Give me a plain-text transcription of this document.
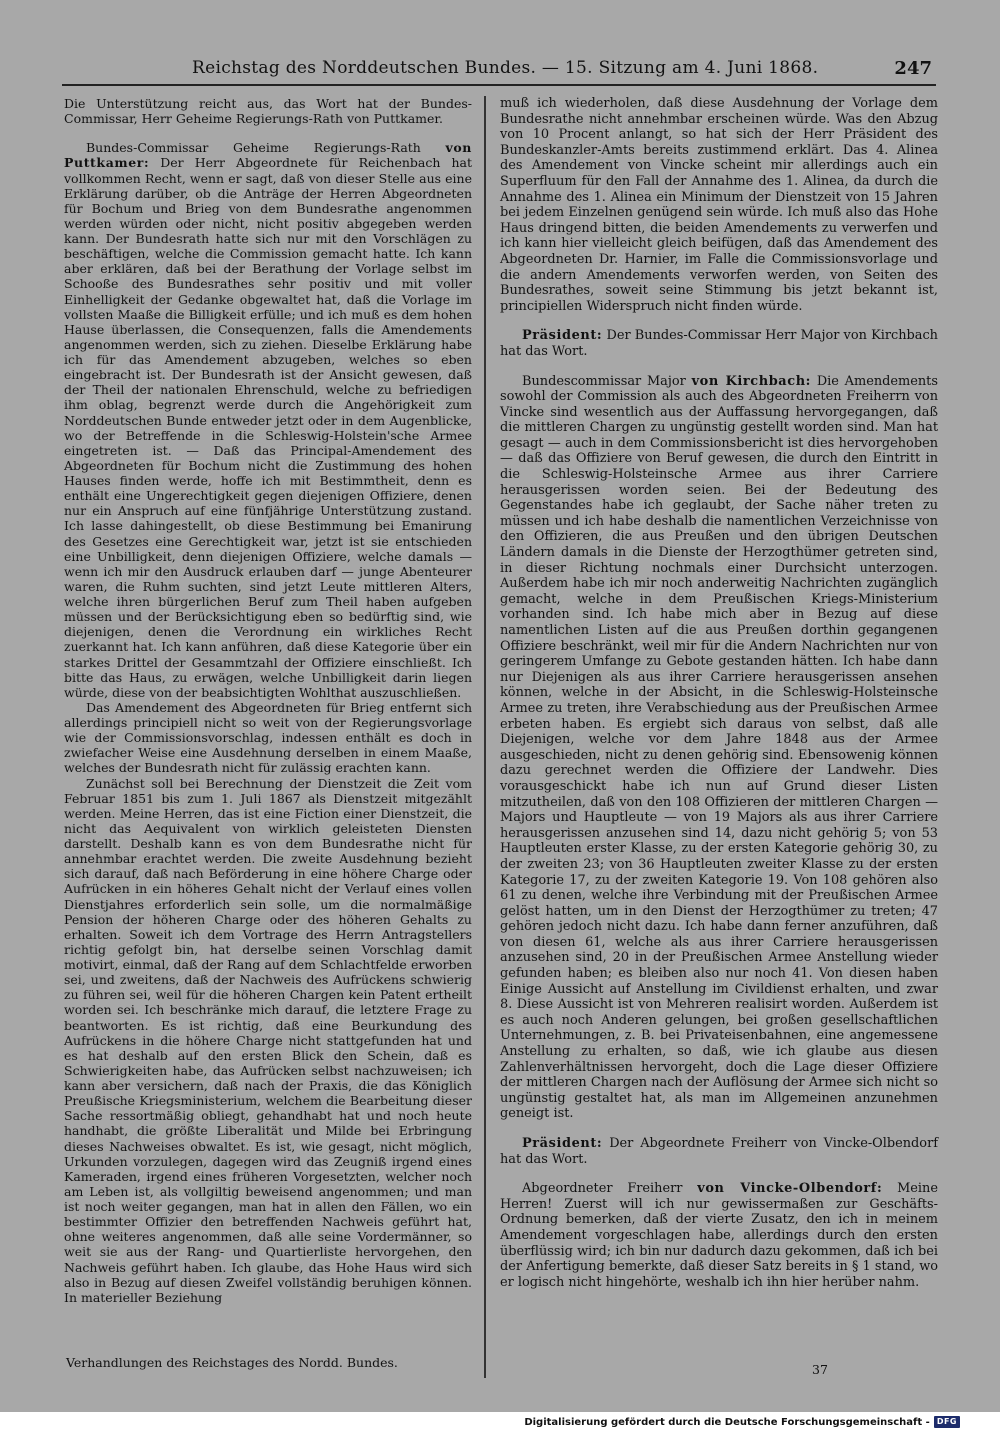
Reichstag des Norddeutschen Bundes. — 15. Sitzung am 4. Juni 1868.	247

Die Unterstützung reicht aus, das Wort hat der Bundes-Commissar, Herr Geheime Regierungs-Rath von Puttkamer.

Bundes-Commissar Geheime Regierungs-Rath von Puttkamer: Der Herr Abgeordnete für Reichenbach hat vollkommen Recht, wenn er sagt, daß von dieser Stelle aus eine Erklärung darüber, ob die Anträge der Herren Abgeordneten für Bochum und Brieg von dem Bundesrathe angenommen werden würden oder nicht, nicht positiv abgegeben werden kann. Der Bundesrath hatte sich nur mit den Vorschlägen zu beschäftigen, welche die Commission gemacht hatte. Ich kann aber erklären, daß bei der Berathung der Vorlage selbst im Schooße des Bundesrathes sehr positiv und mit voller Einhelligkeit der Gedanke obgewaltet hat, daß die Vorlage im vollsten Maaße die Billigkeit erfülle; und ich muß es dem hohen Hause überlassen, die Consequenzen, falls die Amendements angenommen werden, sich zu ziehen. Dieselbe Erklärung habe ich für das Amendement abzugeben, welches so eben eingebracht ist. Der Bundesrath ist der Ansicht gewesen, daß der Theil der nationalen Ehrenschuld, welche zu befriedigen ihm oblag, begrenzt werde durch die Angehörigkeit zum Norddeutschen Bunde entweder jetzt oder in dem Augenblicke, wo der Betreffende in die Schleswig-Holstein'sche Armee eingetreten ist. — Daß das Principal-Amendement des Abgeordneten für Bochum nicht die Zustimmung des hohen Hauses finden werde, hoffe ich mit Bestimmtheit, denn es enthält eine Ungerechtigkeit gegen diejenigen Offiziere, denen nur ein Anspruch auf eine fünfjährige Unterstützung zustand. Ich lasse dahingestellt, ob diese Bestimmung bei Emanirung des Gesetzes eine Gerechtigkeit war, jetzt ist sie entschieden eine Unbilligkeit, denn diejenigen Offiziere, welche damals — wenn ich mir den Ausdruck erlauben darf — junge Abenteurer waren, die Ruhm suchten, sind jetzt Leute mittleren Alters, welche ihren bürgerlichen Beruf zum Theil haben aufgeben müssen und der Berücksichtigung eben so bedürftig sind, wie diejenigen, denen die Verordnung ein wirkliches Recht zuerkannt hat. Ich kann anführen, daß diese Kategorie über ein starkes Drittel der Gesammtzahl der Offiziere einschließt. Ich bitte das Haus, zu erwägen, welche Unbilligkeit darin liegen würde, diese von der beabsichtigten Wohlthat auszuschließen.

Das Amendement des Abgeordneten für Brieg entfernt sich allerdings principiell nicht so weit von der Regierungsvorlage wie der Commissionsvorschlag, indessen enthält es doch in zwiefacher Weise eine Ausdehnung derselben in einem Maaße, welches der Bundesrath nicht für zulässig erachten kann.

Zunächst soll bei Berechnung der Dienstzeit die Zeit vom Februar 1851 bis zum 1. Juli 1867 als Dienstzeit mitgezählt werden. Meine Herren, das ist eine Fiction einer Dienstzeit, die nicht das Aequivalent von wirklich geleisteten Diensten darstellt. Deshalb kann es von dem Bundesrathe nicht für annehmbar erachtet werden. Die zweite Ausdehnung bezieht sich darauf, daß nach Beförderung in eine höhere Charge oder Aufrücken in ein höheres Gehalt nicht der Verlauf eines vollen Dienstjahres erforderlich sein solle, um die normalmäßige Pension der höheren Charge oder des höheren Gehalts zu erhalten. Soweit ich dem Vortrage des Herrn Antragstellers richtig gefolgt bin, hat derselbe seinen Vorschlag damit motivirt, einmal, daß der Rang auf dem Schlachtfelde erworben sei, und zweitens, daß der Nachweis des Aufrückens schwierig zu führen sei, weil für die höheren Chargen kein Patent ertheilt worden sei. Ich beschränke mich darauf, die letztere Frage zu beantworten. Es ist richtig, daß eine Beurkundung des Aufrückens in die höhere Charge nicht stattgefunden hat und es hat deshalb auf den ersten Blick den Schein, daß es Schwierigkeiten habe, das Aufrücken selbst nachzuweisen; ich kann aber versichern, daß nach der Praxis, die das Königlich Preußische Kriegsministerium, welchem die Bearbeitung dieser Sache ressortmäßig obliegt, gehandhabt hat und noch heute handhabt, die größte Liberalität und Milde bei Erbringung dieses Nachweises obwaltet. Es ist, wie gesagt, nicht möglich, Urkunden vorzulegen, dagegen wird das Zeugniß irgend eines Kameraden, irgend eines früheren Vorgesetzten, welcher noch am Leben ist, als vollgiltig beweisend angenommen; und man ist noch weiter gegangen, man hat in allen den Fällen, wo ein bestimmter Offizier den betreffenden Nachweis geführt hat, ohne weiteres angenommen, daß alle seine Vordermänner, so weit sie aus der Rang- und Quartierliste hervorgehen, den Nachweis geführt haben. Ich glaube, das Hohe Haus wird sich also in Bezug auf diesen Zweifel vollständig beruhigen können. In materieller Beziehung

muß ich wiederholen, daß diese Ausdehnung der Vorlage dem Bundesrathe nicht annehmbar erscheinen würde. Was den Abzug von 10 Procent anlangt, so hat sich der Herr Präsident des Bundeskanzler-Amts bereits zustimmend erklärt. Das 4. Alinea des Amendement von Vincke scheint mir allerdings auch ein Superfluum für den Fall der Annahme des 1. Alinea, da durch die Annahme des 1. Alinea ein Minimum der Dienstzeit von 15 Jahren bei jedem Einzelnen genügend sein würde. Ich muß also das Hohe Haus dringend bitten, die beiden Amendements zu verwerfen und ich kann hier vielleicht gleich beifügen, daß das Amendement des Abgeordneten Dr. Harnier, im Falle die Commissionsvorlage und die andern Amendements verworfen werden, von Seiten des Bundesrathes, soweit seine Stimmung bis jetzt bekannt ist, principiellen Widerspruch nicht finden würde.

Präsident: Der Bundes-Commissar Herr Major von Kirchbach hat das Wort.

Bundescommissar Major von Kirchbach: Die Amendements sowohl der Commission als auch des Abgeordneten Freiherrn von Vincke sind wesentlich aus der Auffassung hervorgegangen, daß die mittleren Chargen zu ungünstig gestellt worden sind. Man hat gesagt — auch in dem Commissionsbericht ist dies hervorgehoben — daß das Offiziere von Beruf gewesen, die durch den Eintritt in die Schleswig-Holsteinsche Armee aus ihrer Carriere herausgerissen worden seien. Bei der Bedeutung des Gegenstandes habe ich geglaubt, der Sache näher treten zu müssen und ich habe deshalb die namentlichen Verzeichnisse von den Offizieren, die aus Preußen und den übrigen Deutschen Ländern damals in die Dienste der Herzogthümer getreten sind, in dieser Richtung nochmals einer Durchsicht unterzogen. Außerdem habe ich mir noch anderweitig Nachrichten zugänglich gemacht, welche in dem Preußischen Kriegs-Ministerium vorhanden sind. Ich habe mich aber in Bezug auf diese namentlichen Listen auf die aus Preußen dorthin gegangenen Offiziere beschränkt, weil mir für die Andern Nachrichten nur von geringerem Umfange zu Gebote gestanden hätten. Ich habe dann nur Diejenigen als aus ihrer Carriere herausgerissen ansehen können, welche in der Absicht, in die Schleswig-Holsteinsche Armee zu treten, ihre Verabschiedung aus der Preußischen Armee erbeten haben. Es ergiebt sich daraus von selbst, daß alle Diejenigen, welche vor dem Jahre 1848 aus der Armee ausgeschieden, nicht zu denen gehörig sind. Ebensowenig können dazu gerechnet werden die Offiziere der Landwehr. Dies vorausgeschickt habe ich nun auf Grund dieser Listen mitzutheilen, daß von den 108 Offizieren der mittleren Chargen — Majors und Hauptleute — von 19 Majors als aus ihrer Carriere herausgerissen anzusehen sind 14, dazu nicht gehörig 5; von 53 Hauptleuten erster Klasse, zu der ersten Kategorie gehörig 30, zu der zweiten 23; von 36 Hauptleuten zweiter Klasse zu der ersten Kategorie 17, zu der zweiten Kategorie 19. Von 108 gehören also 61 zu denen, welche ihre Verbindung mit der Preußischen Armee gelöst hatten, um in den Dienst der Herzogthümer zu treten; 47 gehören jedoch nicht dazu. Ich habe dann ferner anzuführen, daß von diesen 61, welche als aus ihrer Carriere herausgerissen anzusehen sind, 20 in der Preußischen Armee Anstellung wieder gefunden haben; es bleiben also nur noch 41. Von diesen haben Einige Aussicht auf Anstellung im Civildienst erhalten, und zwar 8. Diese Aussicht ist von Mehreren realisirt worden. Außerdem ist es auch noch Anderen gelungen, bei großen gesellschaftlichen Unternehmungen, z. B. bei Privateisenbahnen, eine angemessene Anstellung zu erhalten, so daß, wie ich glaube aus diesen Zahlenverhältnissen hervorgeht, doch die Lage dieser Offiziere der mittleren Chargen nach der Auflösung der Armee sich nicht so ungünstig gestaltet hat, als man im Allgemeinen anzunehmen geneigt ist.

Präsident: Der Abgeordnete Freiherr von Vincke-Olbendorf hat das Wort.

Abgeordneter Freiherr von Vincke-Olbendorf: Meine Herren! Zuerst will ich nur gewissermaßen zur Geschäfts-Ordnung bemerken, daß der vierte Zusatz, den ich in meinem Amendement vorgeschlagen habe, allerdings durch den ersten überflüssig wird; ich bin nur dadurch dazu gekommen, daß ich bei der Anfertigung bemerkte, daß dieser Satz bereits in § 1 stand, wo er logisch nicht hingehörte, weshalb ich ihn hier herüber nahm.

Verhandlungen des Reichstages des Nordd. Bundes.	37
Digitalisierung gefördert durch die Deutsche Forschungsgemeinschaft - DFG
